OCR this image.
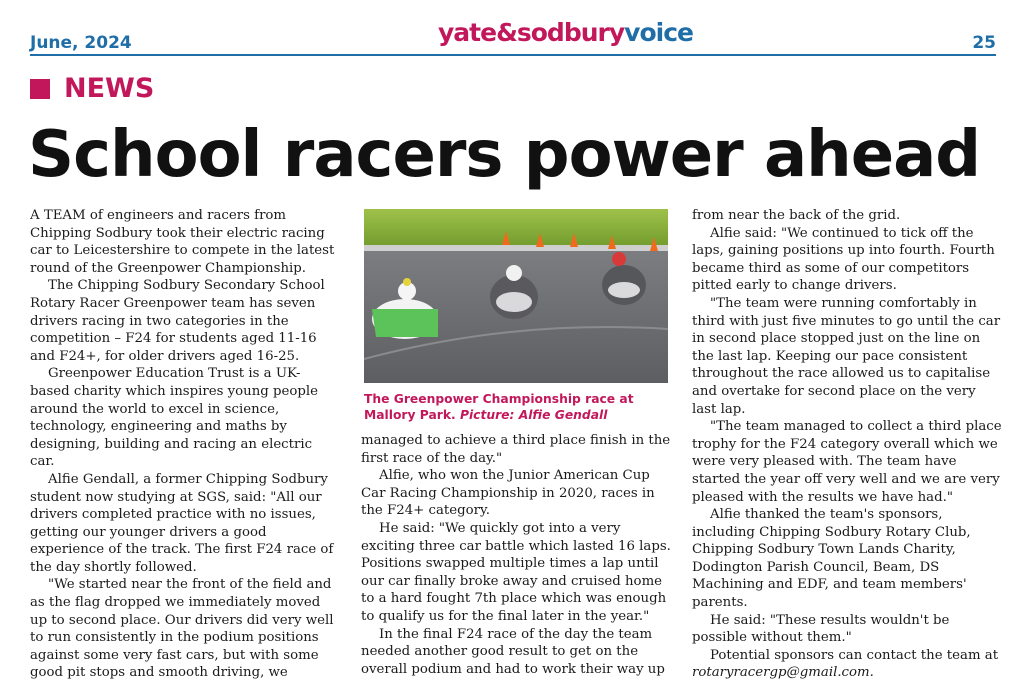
June, 2024	yate&sodburyvoice	25
NEWS
School racers power ahead

A TEAM of engineers and racers from Chipping Sodbury took their electric racing car to Leicestershire to compete in the latest round of the Greenpower Championship.

The Chipping Sodbury Secondary School Rotary Racer Greenpower team has seven drivers racing in two categories in the competition – F24 for students aged 11-16 and F24+, for older drivers aged 16-25.

Greenpower Education Trust is a UK-based charity which inspires young people around the world to excel in science, technology, engineering and maths by designing, building and racing an electric car.

Alfie Gendall, a former Chipping Sodbury student now studying at SGS, said: "All our drivers completed practice with no issues, getting our younger drivers a good experience of the track. The first F24 race of the day shortly followed.

"We started near the front of the field and as the flag dropped we immediately moved up to second place. Our drivers did very well to run consistently in the podium positions against some very fast cars, but with some good pit stops and smooth driving, we

The Greenpower Championship race at Mallory Park. Picture: Alfie Gendall

managed to achieve a third place finish in the first race of the day."

Alfie, who won the Junior American Cup Car Racing Championship in 2020, races in the F24+ category.

He said: "We quickly got into a very exciting three car battle which lasted 16 laps. Positions swapped multiple times a lap until our car finally broke away and cruised home to a hard fought 7th place which was enough to qualify us for the final later in the year."

In the final F24 race of the day the team needed another good result to get on the overall podium and had to work their way up

from near the back of the grid.

Alfie said: "We continued to tick off the laps, gaining positions up into fourth. Fourth became third as some of our competitors pitted early to change drivers.

"The team were running comfortably in third with just five minutes to go until the car in second place stopped just on the line on the last lap. Keeping our pace consistent throughout the race allowed us to capitalise and overtake for second place on the very last lap.

"The team managed to collect a third place trophy for the F24 category overall which we were very pleased with. The team have started the year off very well and we are very pleased with the results we have had."

Alfie thanked the team's sponsors, including Chipping Sodbury Rotary Club, Chipping Sodbury Town Lands Charity, Dodington Parish Council, Beam, DS Machining and EDF, and team members' parents.

He said: "These results wouldn't be possible without them."

Potential sponsors can contact the team at rotaryracergp@gmail.com.
